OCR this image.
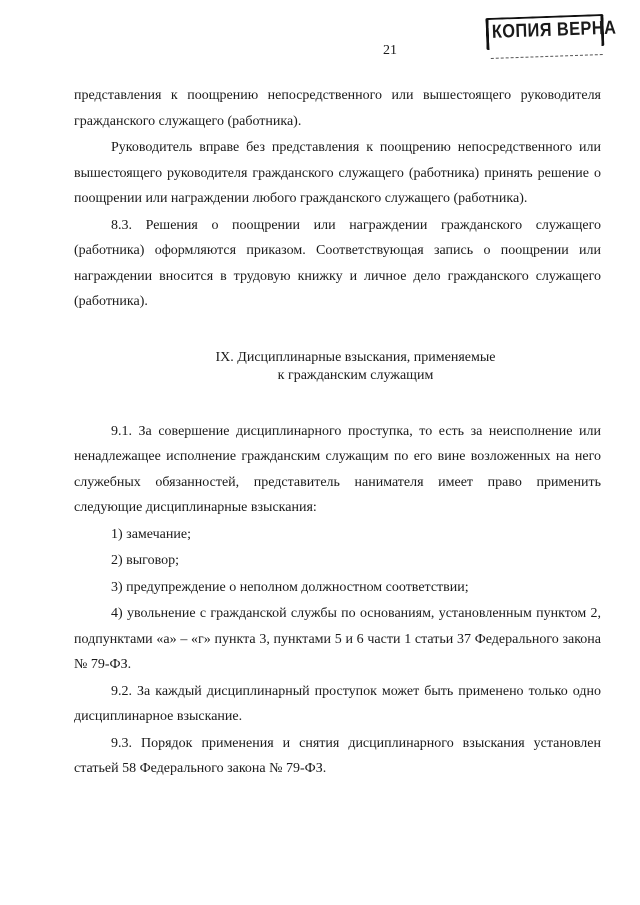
21
КОПИЯ ВЕРНА

представления к поощрению непосредственного или вышестоящего руководителя гражданского служащего (работника).

Руководитель вправе без представления к поощрению непосредственного или вышестоящего руководителя гражданского служащего (работника) принять решение о поощрении или награждении любого гражданского служащего (работника).

8.3. Решения о поощрении или награждении гражданского служащего (работника) оформляются приказом. Соответствующая запись о поощрении или награждении вносится в трудовую книжку и личное дело гражданского служащего (работника).

IX. Дисциплинарные взыскания, применяемые
к гражданским служащим

9.1. За совершение дисциплинарного проступка, то есть за неисполнение или ненадлежащее исполнение гражданским служащим по его вине возложенных на него служебных обязанностей, представитель нанимателя имеет право применить следующие дисциплинарные взыскания:

1) замечание;

2) выговор;

3) предупреждение о неполном должностном соответствии;

4) увольнение с гражданской службы по основаниям, установленным пунктом 2, подпунктами «а» – «г» пункта 3, пунктами 5 и 6 части 1 статьи 37 Федерального закона № 79-ФЗ.

9.2. За каждый дисциплинарный проступок может быть применено только одно дисциплинарное взыскание.

9.3. Порядок применения и снятия дисциплинарного взыскания установлен статьей 58 Федерального закона № 79-ФЗ.
